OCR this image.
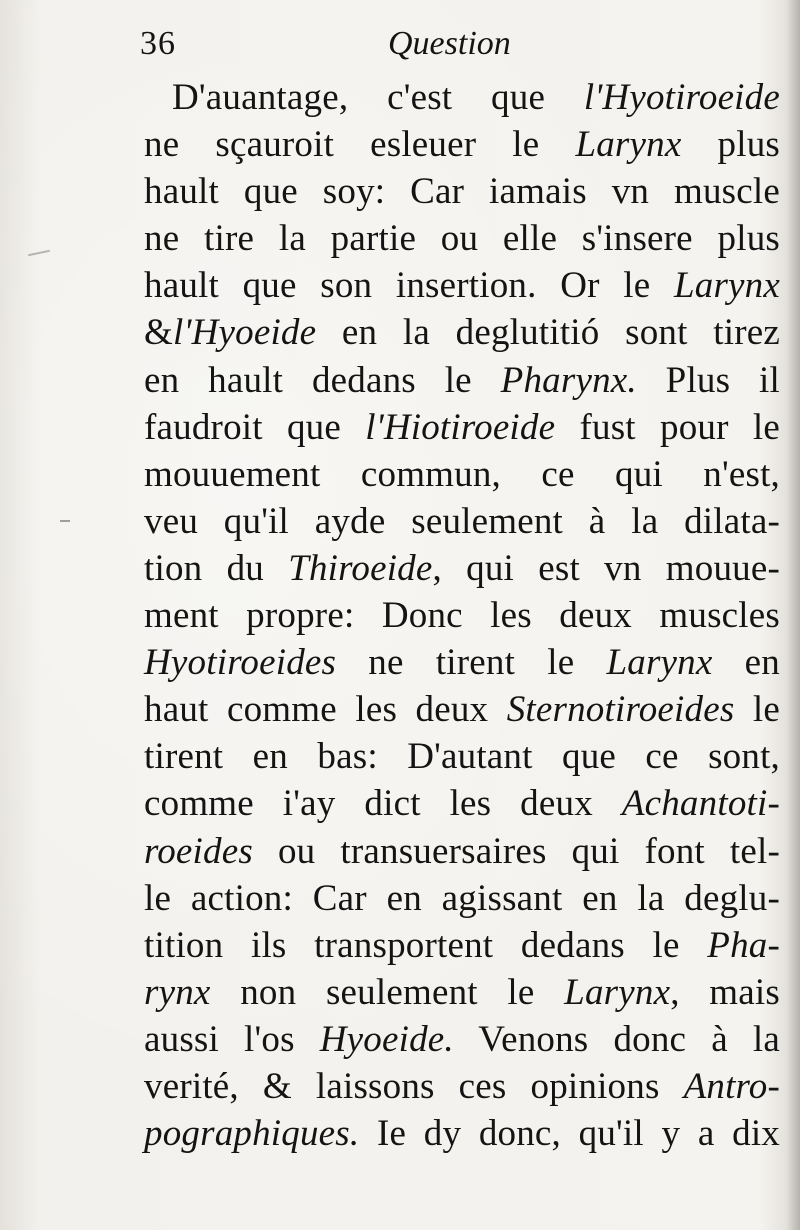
36	Question
D'auantage, c'est que l'Hyotiroeide
ne sçauroit esleuer le Larynx plus
hault que soy: Car iamais vn muscle
ne tire la partie ou elle s'insere plus
hault que son insertion. Or le Larynx
&l'Hyoeide en la deglutitió sont tirez
en hault dedans le Pharynx. Plus il
faudroit que l'Hiotiroeide fust pour le
mouuement commun, ce qui n'est,
veu qu'il ayde seulement à la dilata-
tion du Thiroeide, qui est vn mouue-
ment propre: Donc les deux muscles
Hyotiroeides ne tirent le Larynx en
haut comme les deux Sternotiroeides le
tirent en bas: D'autant que ce sont,
comme i'ay dict les deux Achantoti-
roeides ou transuersaires qui font tel-
le action: Car en agissant en la deglu-
tition ils transportent dedans le Pha-
rynx non seulement le Larynx, mais
aussi l'os Hyoeide. Venons donc à la
verité, & laissons ces opinions Antro-
pographiques. Ie dy donc, qu'il y a dix
